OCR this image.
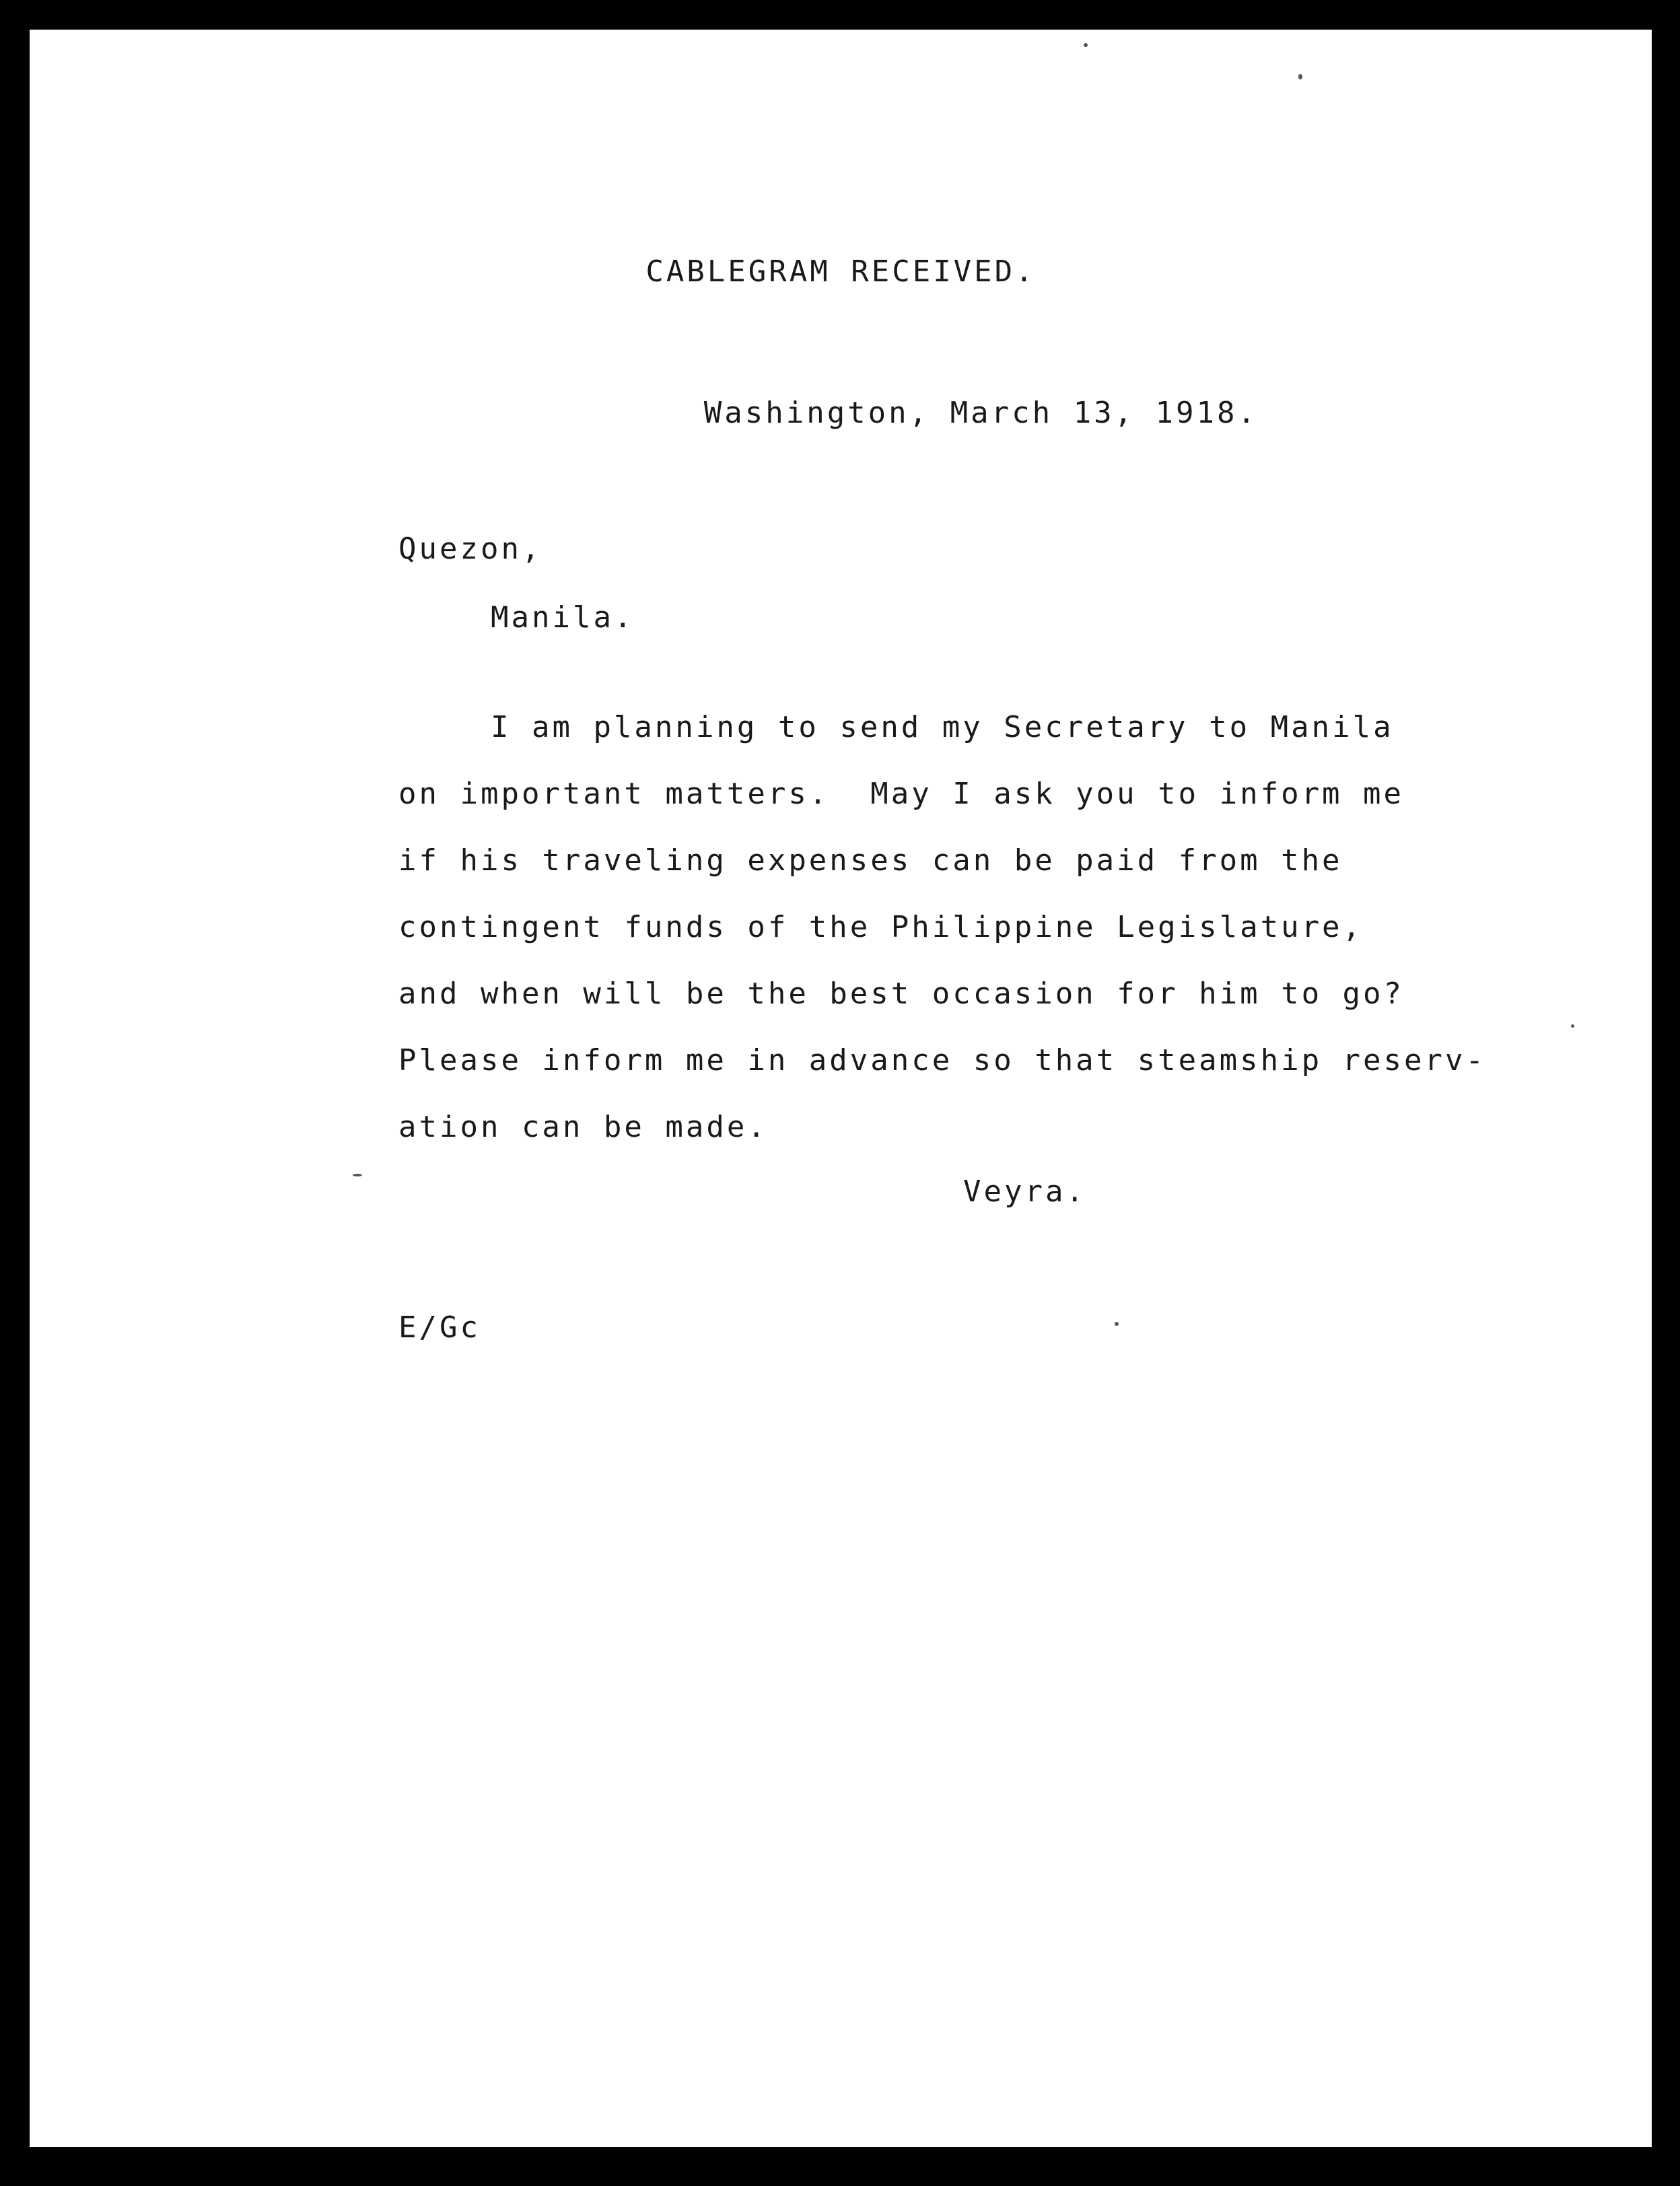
CABLEGRAM RECEIVED.
Washington, March 13, 1918.
Quezon,
Manila.
I am planning to send my Secretary to Manila
on important matters.  May I ask you to inform me
if his traveling expenses can be paid from the
contingent funds of the Philippine Legislature,
and when will be the best occasion for him to go?
Please inform me in advance so that steamship reserv-
ation can be made.
Veyra.
E/Gc
